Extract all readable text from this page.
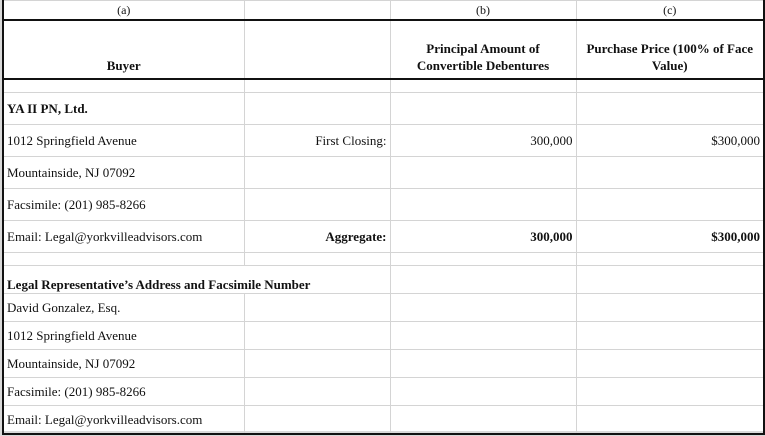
(a)		(b)	(c)
Buyer		Principal Amount of Convertible Debentures	Purchase Price (100% of Face Value)

YA II PN, Ltd.			
1012 Springfield Avenue	First Closing:	300,000	$300,000
Mountainside, NJ 07092			
Facsimile: (201) 985-8266			
Email: Legal@yorkvilleadvisors.com	Aggregate:	300,000	$300,000

Legal Representative’s Address and Facsimile Number			
David Gonzalez, Esq.			
1012 Springfield Avenue			
Mountainside, NJ 07092			
Facsimile: (201) 985-8266			
Email: Legal@yorkvilleadvisors.com			
